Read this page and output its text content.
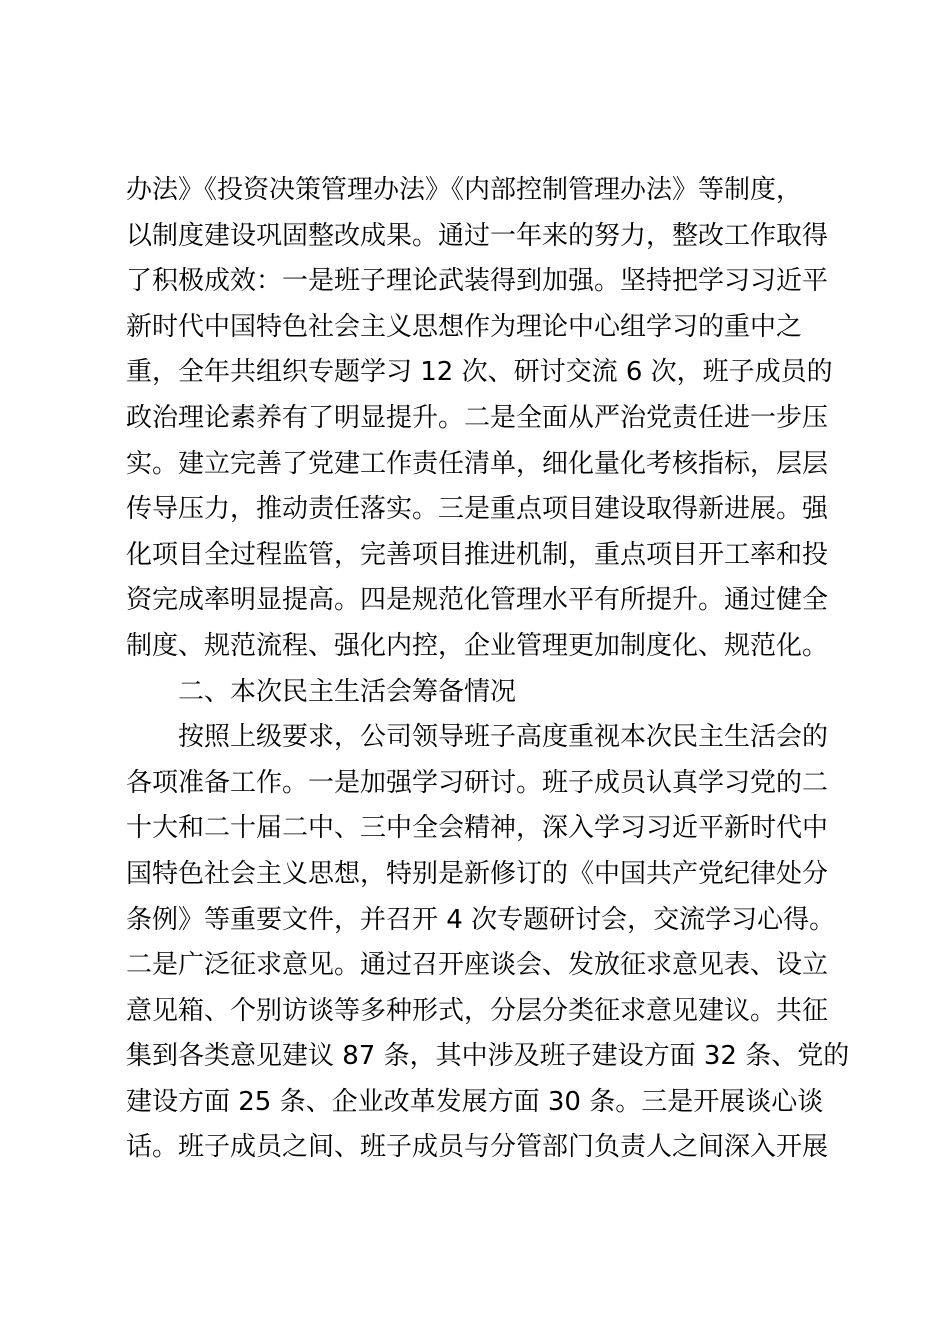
办法》《投资决策管理办法》《内部控制管理办法》等制度，
以制度建设巩固整改成果。通过一年来的努力，整改工作取得
了积极成效：一是班子理论武装得到加强。坚持把学习习近平
新时代中国特色社会主义思想作为理论中心组学习的重中之
重，全年共组织专题学习 12 次、研讨交流 6 次，班子成员的
政治理论素养有了明显提升。二是全面从严治党责任进一步压
实。建立完善了党建工作责任清单，细化量化考核指标，层层
传导压力，推动责任落实。三是重点项目建设取得新进展。强
化项目全过程监管，完善项目推进机制，重点项目开工率和投
资完成率明显提高。四是规范化管理水平有所提升。通过健全
制度、规范流程、强化内控，企业管理更加制度化、规范化。
二、本次民主生活会筹备情况
按照上级要求，公司领导班子高度重视本次民主生活会的
各项准备工作。一是加强学习研讨。班子成员认真学习党的二
十大和二十届二中、三中全会精神，深入学习习近平新时代中
国特色社会主义思想，特别是新修订的《中国共产党纪律处分
条例》等重要文件，并召开 4 次专题研讨会，交流学习心得。
二是广泛征求意见。通过召开座谈会、发放征求意见表、设立
意见箱、个别访谈等多种形式，分层分类征求意见建议。共征
集到各类意见建议 87 条，其中涉及班子建设方面 32 条、党的
建设方面 25 条、企业改革发展方面 30 条。三是开展谈心谈
话。班子成员之间、班子成员与分管部门负责人之间深入开展
